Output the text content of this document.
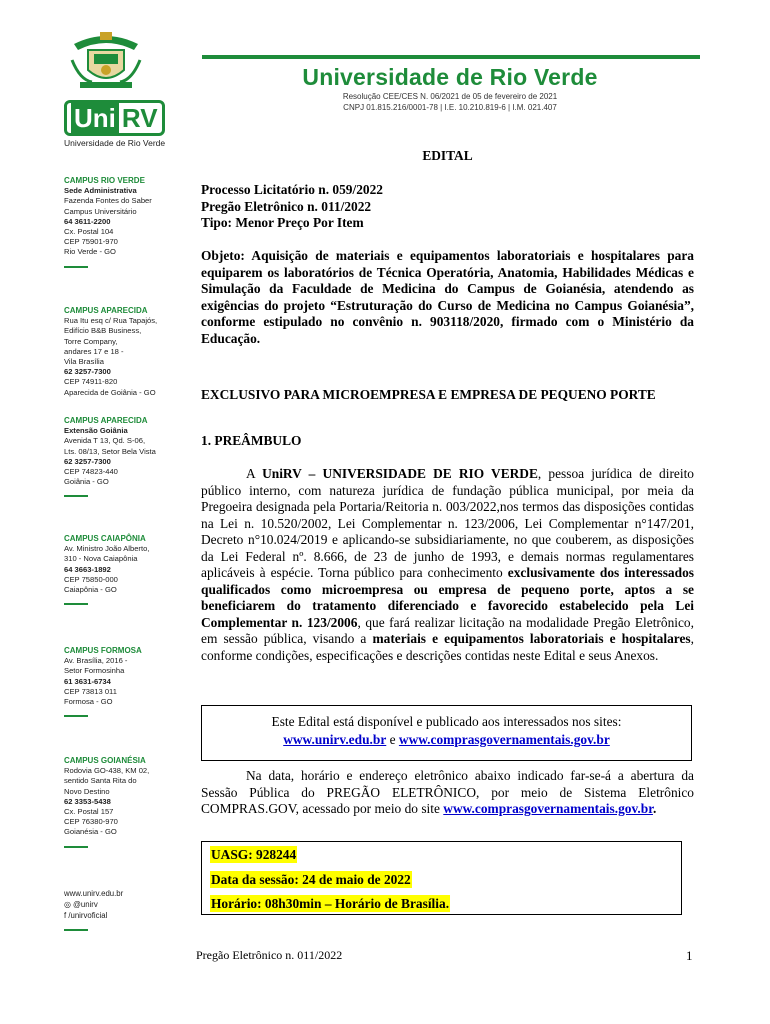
Uni RV
Universidade de Rio Verde
Universidade de Rio Verde
Resolução CEE/CES N. 06/2021 de 05 de fevereiro de 2021
CNPJ 01.815.216/0001-78 | I.E. 10.210.819-6 | I.M. 021.407
CAMPUS RIO VERDE
Sede Administrativa
Fazenda Fontes do Saber
Campus Universitário
64 3611-2200
Cx. Postal 104
CEP 75901-970
Rio Verde - GO
CAMPUS APARECIDA
Rua Itu esq c/ Rua Tapajós,
Edifício B&B Business,
Torre Company,
andares 17 e 18 -
Vila Brasília
62 3257-7300
CEP 74911-820
Aparecida de Goiânia - GO
CAMPUS APARECIDA
Extensão Goiânia
Avenida T 13, Qd. S-06,
Lts. 08/13, Setor Bela Vista
62 3257-7300
CEP 74823-440
Goiânia - GO
CAMPUS CAIAPÔNIA
Av. Ministro João Alberto,
310 - Nova Caiapônia
64 3663-1892
CEP 75850-000
Caiapônia - GO
CAMPUS FORMOSA
Av. Brasília, 2016 -
Setor Formosinha
61 3631-6734
CEP 73813 011
Formosa - GO
CAMPUS GOIANÉSIA
Rodovia GO-438, KM 02,
sentido Santa Rita do
Novo Destino
62 3353-5438
Cx. Postal 157
CEP 76380-970
Goianésia - GO
www.unirv.edu.br
◎ @unirv
f /unirvoficial
EDITAL
Processo Licitatório n. 059/2022
Pregão Eletrônico n. 011/2022
Tipo: Menor Preço Por Item
Objeto: Aquisição de materiais e equipamentos laboratoriais e hospitalares para equiparem os laboratórios de Técnica Operatória, Anatomia, Habilidades Médicas e Simulação da Faculdade de Medicina do Campus de Goianésia, atendendo as exigências do projeto “Estruturação do Curso de Medicina no Campus Goianésia”, conforme estipulado no convênio n. 903118/2020, firmado com o Ministério da Educação.
EXCLUSIVO PARA MICROEMPRESA E EMPRESA DE PEQUENO PORTE
1. PREÂMBULO
A UniRV – UNIVERSIDADE DE RIO VERDE, pessoa jurídica de direito público interno, com natureza jurídica de fundação pública municipal, por meia da Pregoeira designada pela Portaria/Reitoria n. 003/2022,nos termos das disposições contidas na Lei n. 10.520/2002, Lei Complementar n. 123/2006, Lei Complementar n°147/201, Decreto n°10.024/2019 e aplicando-se subsidiariamente, no que couberem, as disposições da Lei Federal nº. 8.666, de 23 de junho de 1993, e demais normas regulamentares aplicáveis à espécie. Torna público para conhecimento exclusivamente dos interessados qualificados como microempresa ou empresa de pequeno porte, aptos a se beneficiarem do tratamento diferenciado e favorecido estabelecido pela Lei Complementar n. 123/2006, que fará realizar licitação na modalidade Pregão Eletrônico, em sessão pública, visando a materiais e equipamentos laboratoriais e hospitalares, conforme condições, especificações e descrições contidas neste Edital e seus Anexos.
Este Edital está disponível e publicado aos interessados nos sites:
www.unirv.edu.br e www.comprasgovernamentais.gov.br
Na data, horário e endereço eletrônico abaixo indicado far-se-á a abertura da Sessão Pública do PREGÃO ELETRÔNICO, por meio de Sistema Eletrônico COMPRAS.GOV, acessado por meio do site www.comprasgovernamentais.gov.br.
UASG: 928244
Data da sessão: 24 de maio de 2022
Horário: 08h30min – Horário de Brasília.
Pregão Eletrônico n. 011/2022	1
